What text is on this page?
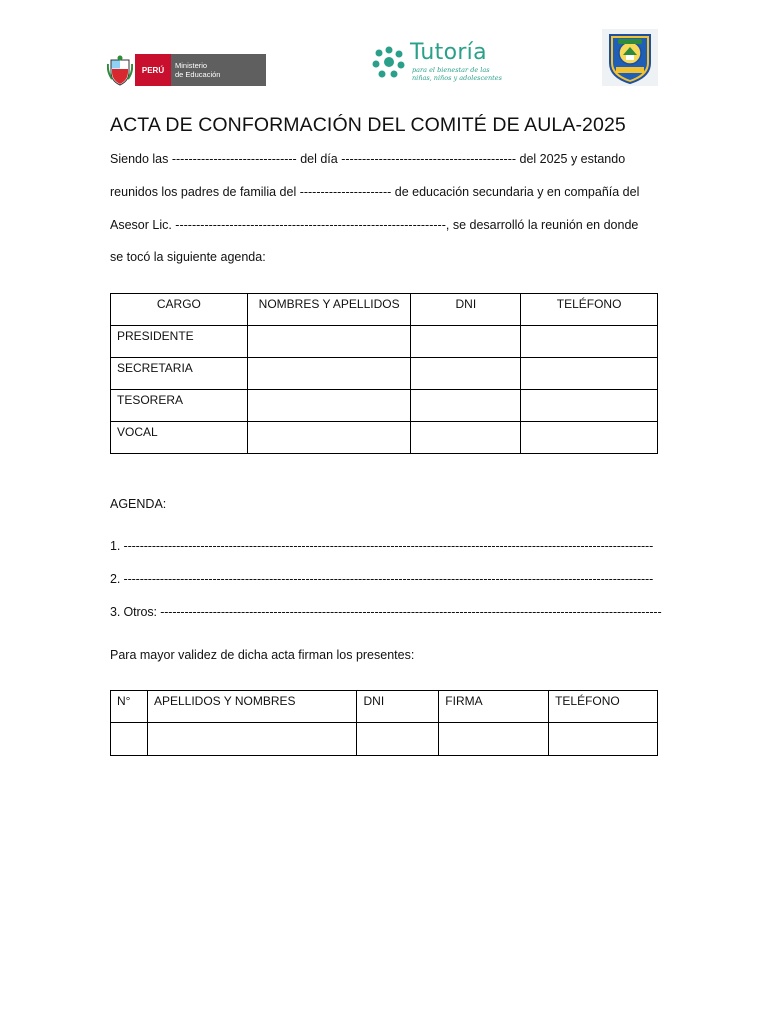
PERÚ	Ministerio
de Educación
Tutoría
para el bienestar de las
niñas, niños y adolescentes
ACTA DE CONFORMACIÓN DEL COMITÉ DE AULA-2025
Siendo las ------------------------------ del día ------------------------------------------ del 2025 y estando
reunidos los padres de familia del ---------------------- de educación secundaria y en compañía del
Asesor Lic. -----------------------------------------------------------------, se desarrolló la reunión en donde
se tocó la siguiente agenda:
CARGO	NOMBRES Y APELLIDOS	DNI	TELÉFONO
PRESIDENTE			
SECRETARIA			
TESORERA			
VOCAL			
AGENDA:
1. -----------------------------------------------------------------------------------------------------------------------------------
2. -----------------------------------------------------------------------------------------------------------------------------------
3. Otros: ----------------------------------------------------------------------------------------------------------------------------
Para mayor validez de dicha acta firman los presentes:
N°	APELLIDOS Y NOMBRES	DNI	FIRMA	TELÉFONO
